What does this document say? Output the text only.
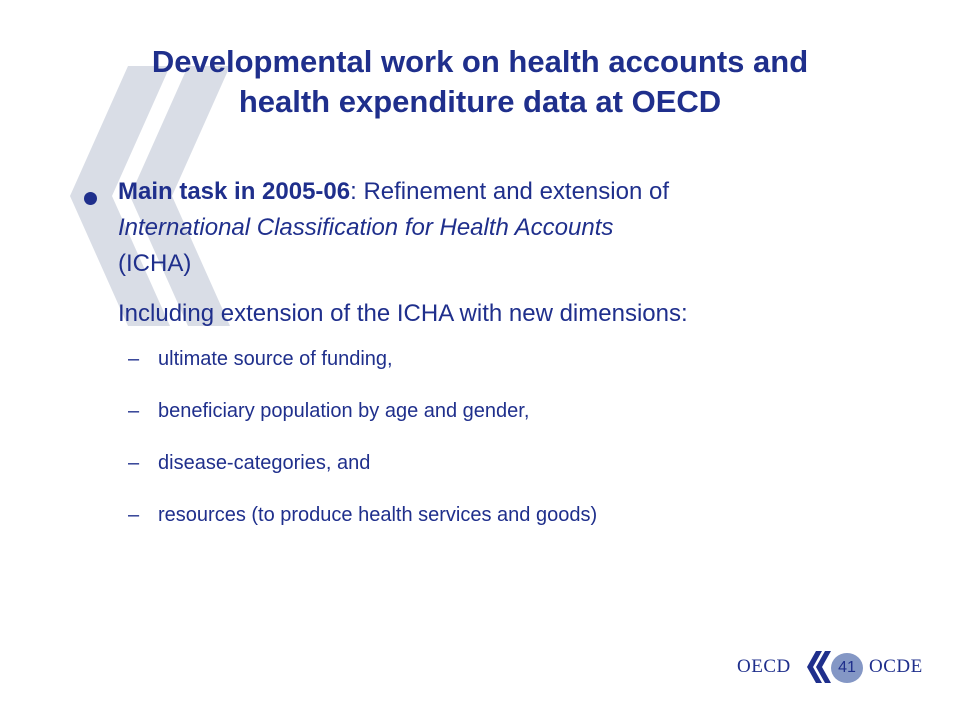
Developmental work on health accounts and
health expenditure data at OECD

Main task in 2005-06: Refinement and extension of
International Classification for Health Accounts
(ICHA)

Including extension of the ICHA with new dimensions:

– ultimate source of funding,
– beneficiary population by age and gender,
– disease-categories, and
– resources (to produce health services and goods)
OECD	41 OCDE
